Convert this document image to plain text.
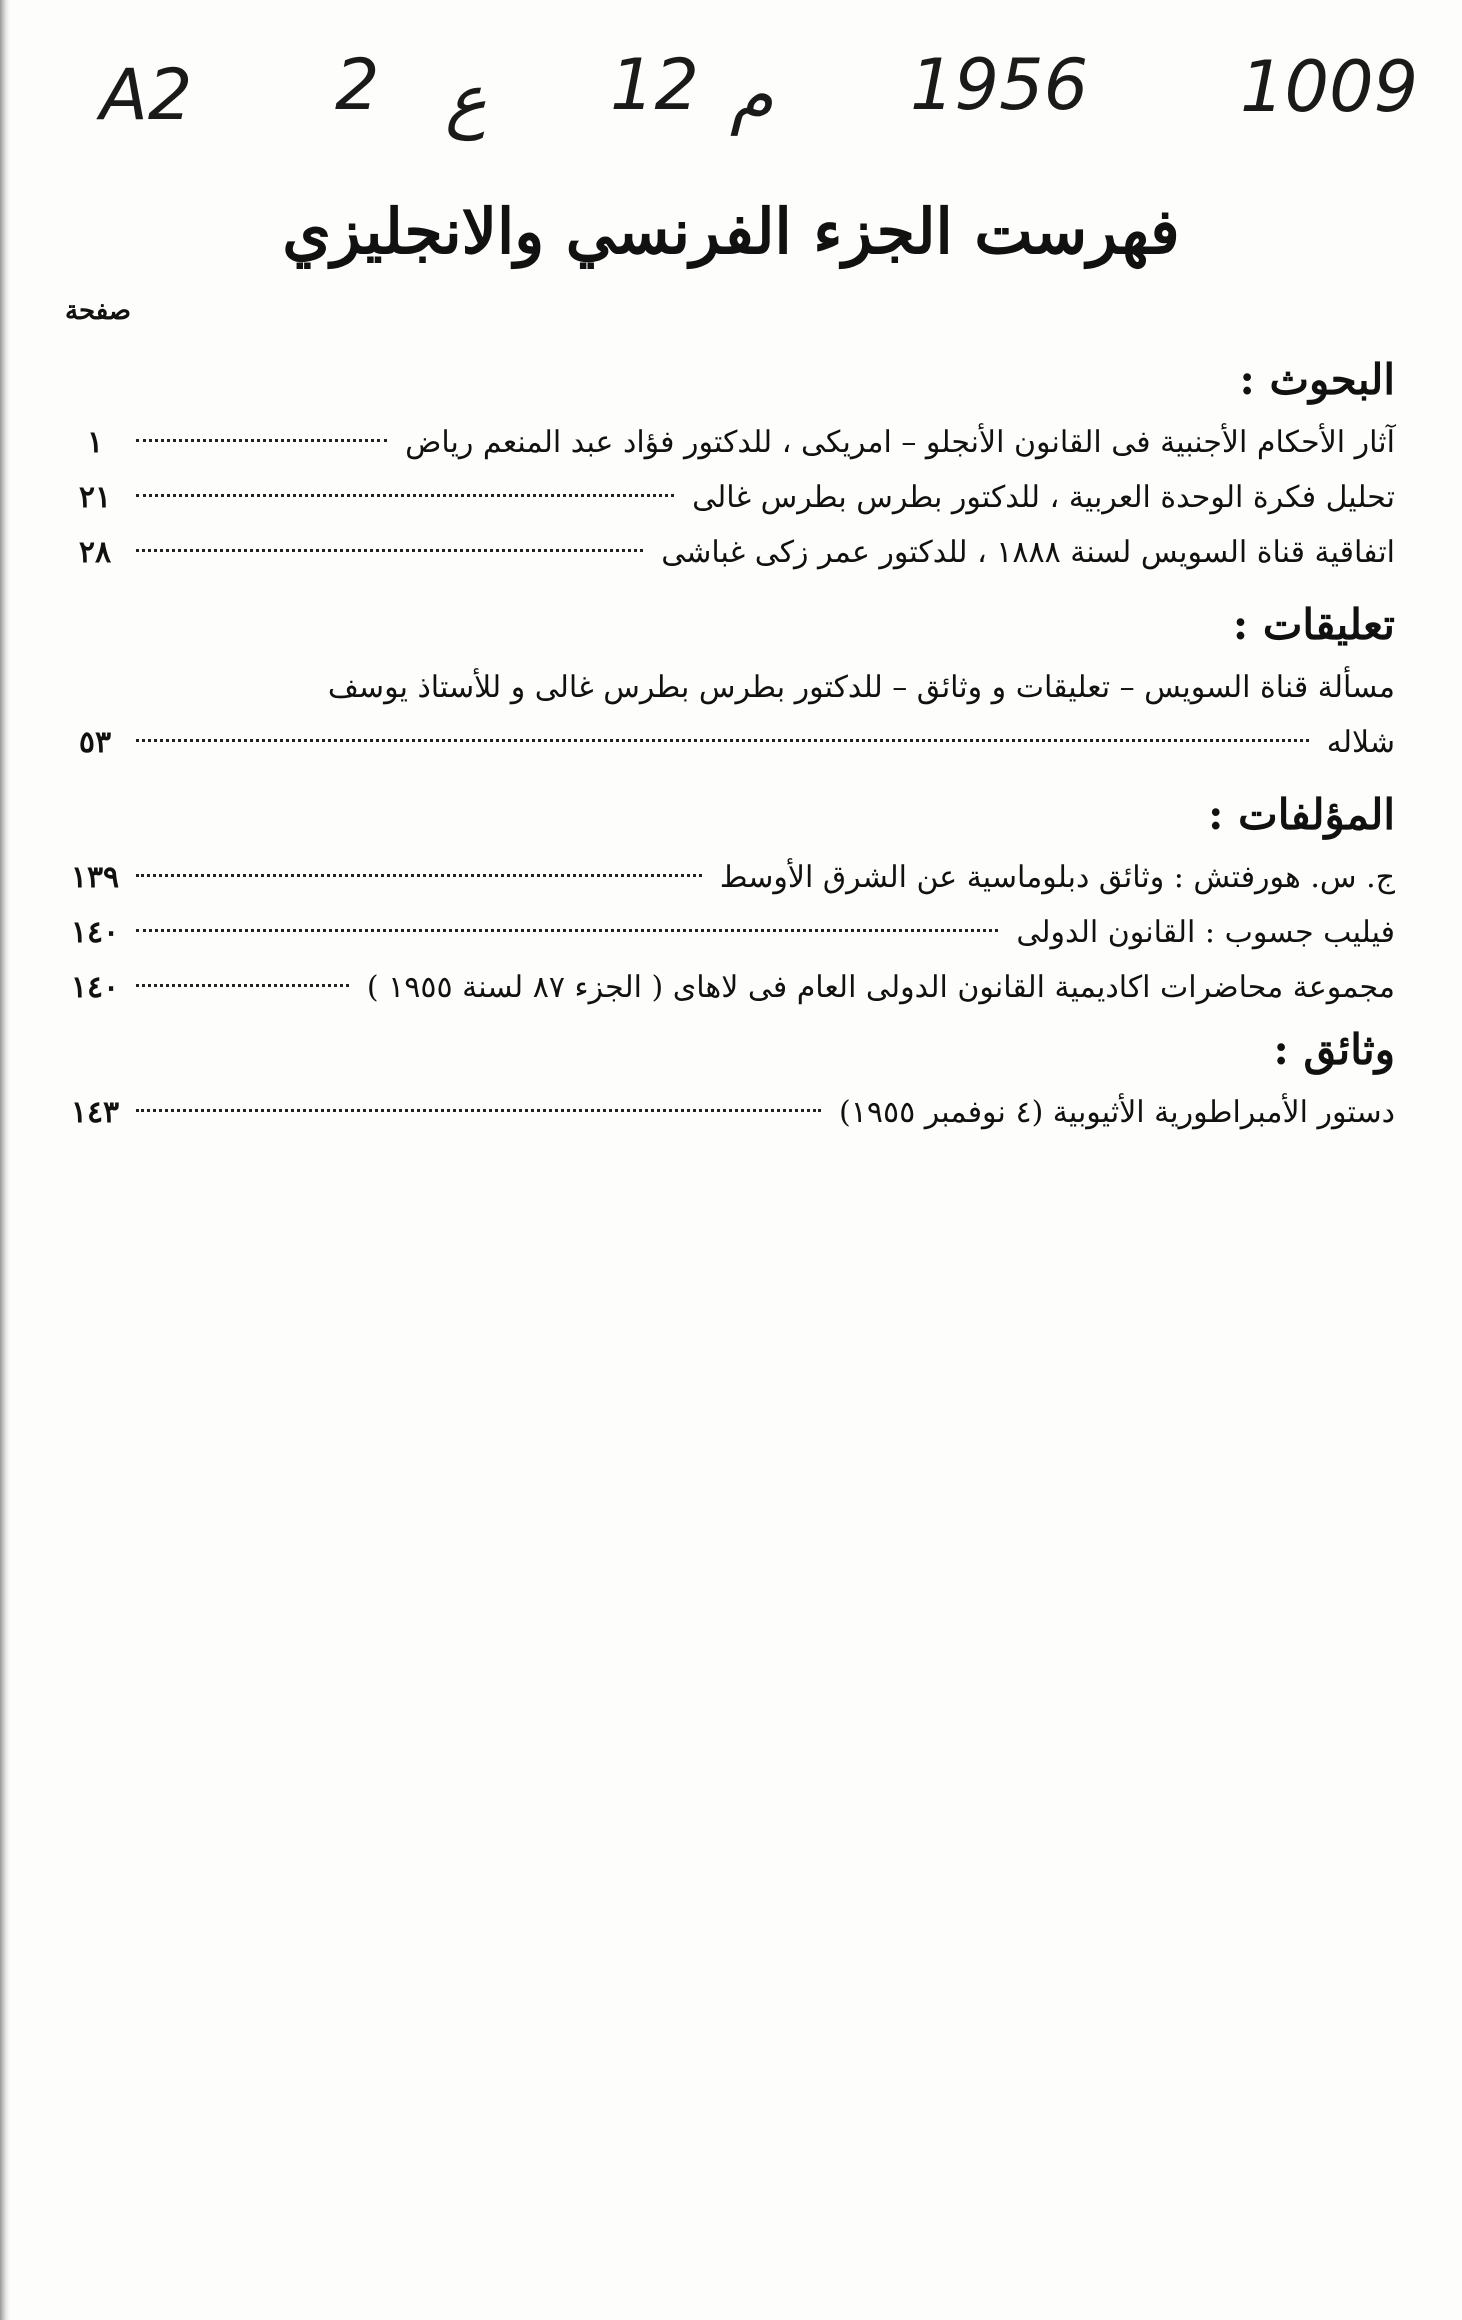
A2 2 ع 12 م 1956 1009
فهرست الجزء الفرنسي والانجليزي
صفحة
البحوث :
آثار الأحكام الأجنبية فى القانون الأنجلو – امريكى ، للدكتور فؤاد عبد المنعم رياض
١
تحليل فكرة الوحدة العربية ، للدكتور بطرس بطرس غالى
٢١
اتفاقية قناة السويس لسنة ١٨٨٨ ، للدكتور عمر زكى غباشى
٢٨
تعليقات :
مسألة قناة السويس – تعليقات و وثائق – للدكتور بطرس بطرس غالى و للأستاذ يوسف
شلاله
٥٣
المؤلفات :
ج. س. هورفتش : وثائق دبلوماسية عن الشرق الأوسط
١٣٩
فيليب جسوب : القانون الدولى
١٤٠
مجموعة محاضرات اكاديمية القانون الدولى العام فى لاهاى ( الجزء ٨٧ لسنة ١٩٥٥ )
١٤٠
وثائق :
دستور الأمبراطورية الأثيوبية (٤ نوفمبر ١٩٥٥)
١٤٣
